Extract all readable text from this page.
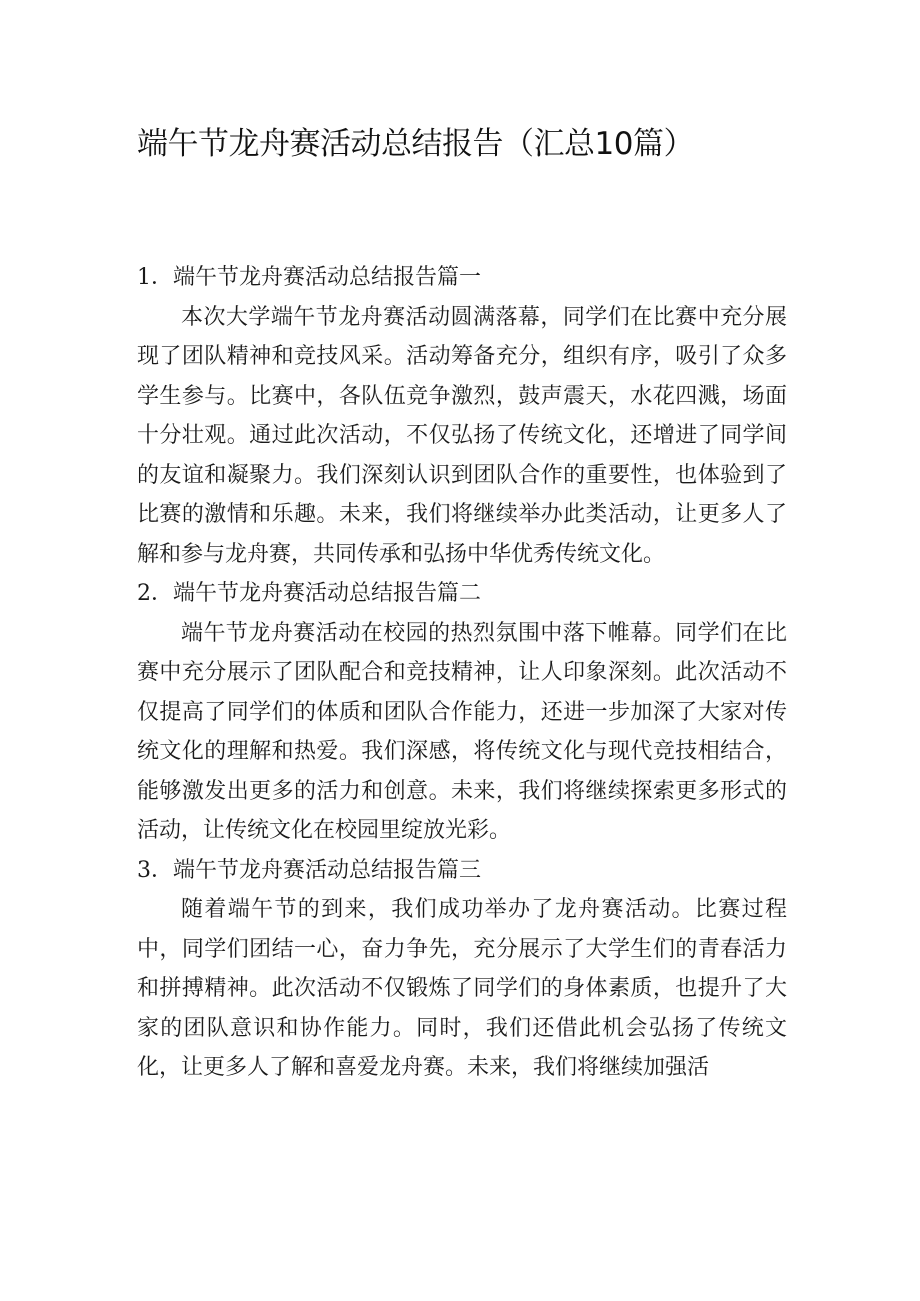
端午节龙舟赛活动总结报告（汇总10篇）

1．端午节龙舟赛活动总结报告篇一

本次大学端午节龙舟赛活动圆满落幕，同学们在比赛中充分展现了团队精神和竞技风采。活动筹备充分，组织有序，吸引了众多学生参与。比赛中，各队伍竞争激烈，鼓声震天，水花四溅，场面十分壮观。通过此次活动，不仅弘扬了传统文化，还增进了同学间的友谊和凝聚力。我们深刻认识到团队合作的重要性，也体验到了比赛的激情和乐趣。未来，我们将继续举办此类活动，让更多人了解和参与龙舟赛，共同传承和弘扬中华优秀传统文化。

2．端午节龙舟赛活动总结报告篇二

端午节龙舟赛活动在校园的热烈氛围中落下帷幕。同学们在比赛中充分展示了团队配合和竞技精神，让人印象深刻。此次活动不仅提高了同学们的体质和团队合作能力，还进一步加深了大家对传统文化的理解和热爱。我们深感，将传统文化与现代竞技相结合，能够激发出更多的活力和创意。未来，我们将继续探索更多形式的活动，让传统文化在校园里绽放光彩。

3．端午节龙舟赛活动总结报告篇三

随着端午节的到来，我们成功举办了龙舟赛活动。比赛过程中，同学们团结一心，奋力争先，充分展示了大学生们的青春活力和拼搏精神。此次活动不仅锻炼了同学们的身体素质，也提升了大家的团队意识和协作能力。同时，我们还借此机会弘扬了传统文化，让更多人了解和喜爱龙舟赛。未来，我们将继续加强活
